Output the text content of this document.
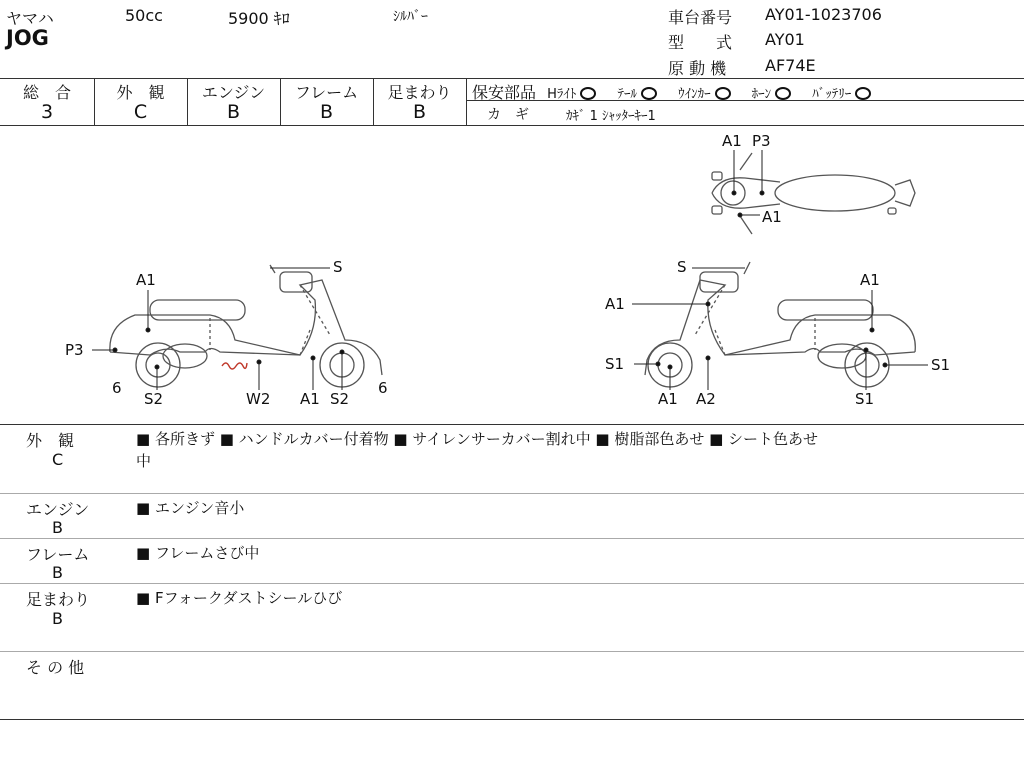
ヤマハ	50cc	5900 ｷﾛ	ｼﾙﾊﾞｰ
JOG
車台番号 AY01-1023706
型　　式 AY01
原 動 機 AF74E
総　合
3
外　観
C
エンジン
B
フレーム
B
足まわり
B
保安部品 Hﾗｲﾄ	ﾃｰﾙ	ｳｲﾝｶｰ	ﾎｰﾝ	ﾊﾞｯﾃﾘｰ
カ　ギ	ｶｷﾞ 1 ｼｬｯﾀｰｷｰ1
A1
S
P3
6
S2	W2 A1 S2
6
S
A1
A1
S1
A1 A2
S1
S1
A1 P3
A1
外　観
C
■ 各所きず ■ ハンドルカバー付着物 ■ サイレンサーカバー割れ中 ■ 樹脂部色あせ ■ シート色あせ
中
エンジン
B
■ エンジン音小
フレーム
B
■ フレームさび中
足まわり
B
■ Fフォークダストシールひび
そ の 他
